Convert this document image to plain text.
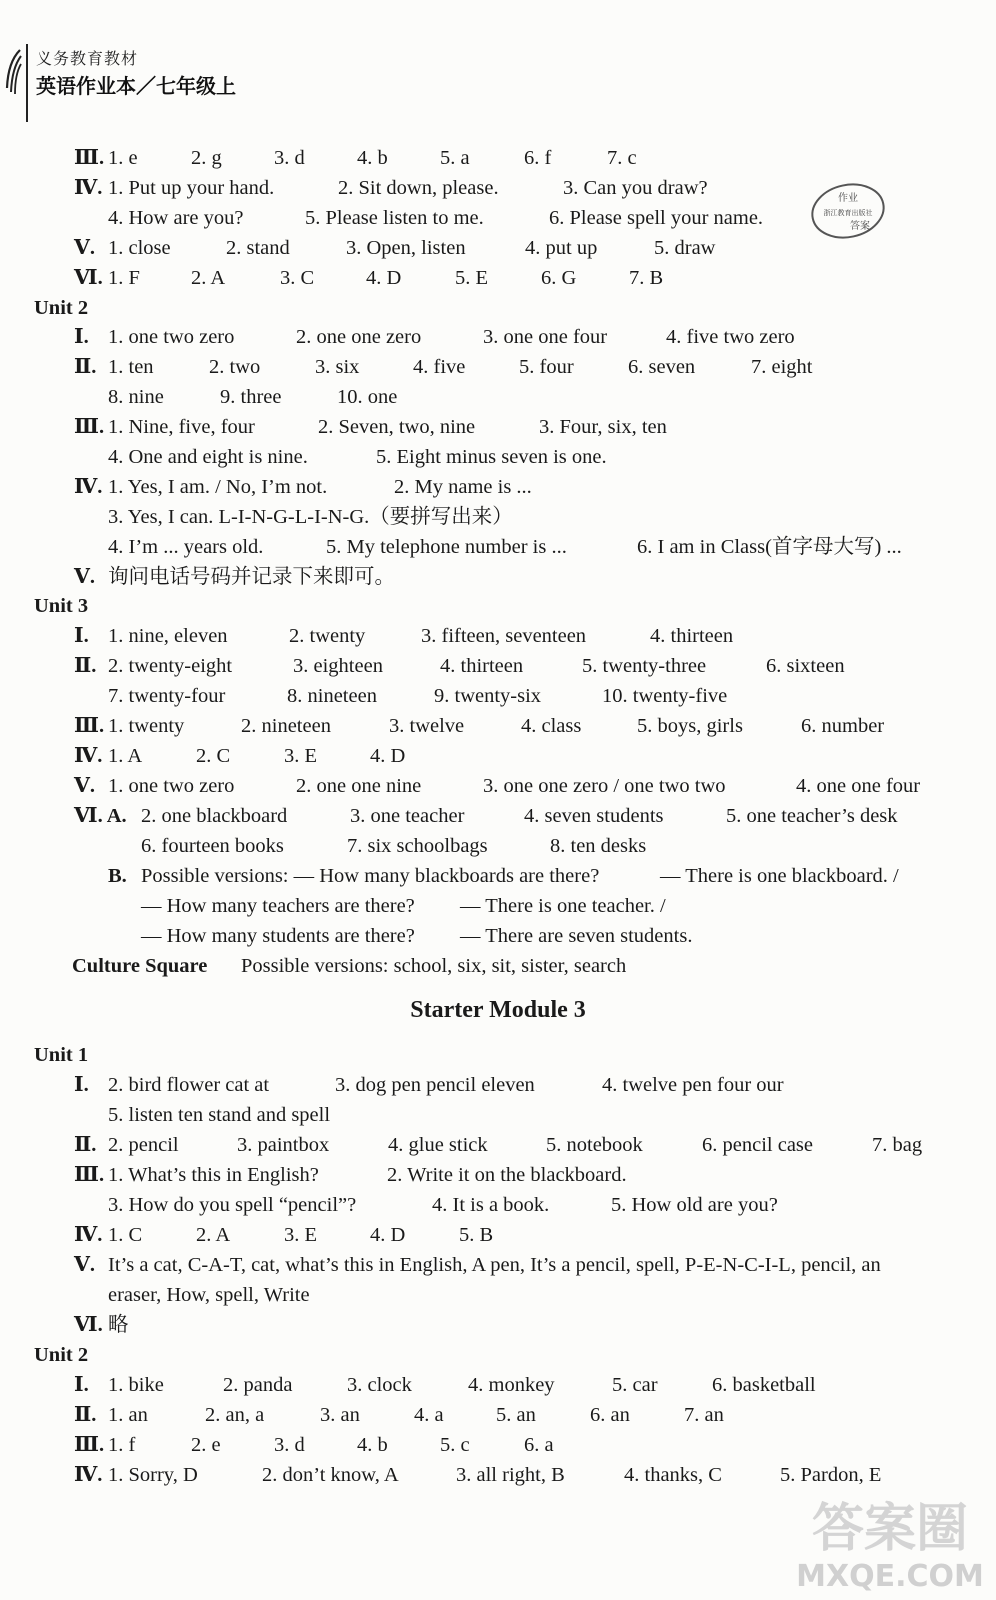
义务教育教材
英语作业本／七年级上
Ⅲ. 1. e	2. g	3. d	4. b	5. a	6. f	7. c
Ⅳ. 1. Put up your hand.	2. Sit down, please.	3. Can you draw?
4. How are you?	5. Please listen to me.	6. Please spell your name.
Ⅴ. 1. close	2. stand	3. Open, listen	4. put up	5. draw
Ⅵ. 1. F 2. A	3. C	4. D	5. E	6. G	7. B
Ⅰ. 1. one two zero	2. one one zero	3. one one four	4. five two zero
Ⅱ. 1. ten	2. two	3. six	4. five	5. four	6. seven	7. eight
8. nine	9. three	10. one
Ⅲ. 1. Nine, five, four	2. Seven, two, nine	3. Four, six, ten
4. One and eight is nine.	5. Eight minus seven is one.
Ⅳ. 1. Yes, I am. / No, I’m not.	2. My name is ...
3. Yes, I can. L-I-N-G-L-I-N-G.（要拼写出来）
4. I’m ... years old.	5. My telephone number is ...	6. I am in Class(首字母大写) ...
Ⅴ. 询问电话号码并记录下来即可。
Ⅰ. 1. nine, eleven	2. twenty	3. fifteen, seventeen	4. thirteen
Ⅱ. 2. twenty-eight	3. eighteen	4. thirteen	5. twenty-three	6. sixteen
7. twenty-four	8. nineteen	9. twenty-six	10. twenty-five
Ⅲ. 1. twenty	2. nineteen	3. twelve	4. class	5. boys, girls	6. number
Ⅳ. 1. A	2. C	3. E	4. D
Ⅴ. 1. one two zero	2. one one nine	3. one one zero / one two two	4. one one four
Ⅵ. A. 2. one blackboard	3. one teacher	4. seven students	5. one teacher’s desk
6. fourteen books	7. six schoolbags	8. ten desks
B. Possible versions: — How many blackboards are there?	— There is one blackboard. /
— How many teachers are there? — There is one teacher. /
— How many students are there? — There are seven students.
Culture Square Possible versions: school, six, sit, sister, search
Ⅰ. 2. bird flower cat at	3. dog pen pencil eleven	4. twelve pen four our
5. listen ten stand and spell
Ⅱ. 2. pencil	3. paintbox	4. glue stick	5. notebook	6. pencil case	7. bag
Ⅲ. 1. What’s this in English?	2. Write it on the blackboard.
3. How do you spell “pencil”?	4. It is a book.	5. How old are you?
Ⅳ. 1. C	2. A	3. E	4. D	5. B
Ⅴ. It’s a cat, C-A-T, cat, what’s this in English, A pen, It’s a pencil, spell, P-E-N-C-I-L, pencil, an
eraser, How, spell, Write
Ⅵ. 略
Ⅰ. 1. bike	2. panda	3. clock	4. monkey	5. car	6. basketball
Ⅱ. 1. an	2. an, a	3. an	4. a	5. an	6. an	7. an
Ⅲ. 1. f	2. e	3. d	4. b	5. c	6. a
Ⅳ. 1. Sorry, D	2. don’t know, A	3. all right, B	4. thanks, C	5. Pardon, E
Unit 2
Unit 3
Unit 1
Unit 2
Starter Module 3
作业
浙江教育出版社
答案
答案圈
MXQE.COM
